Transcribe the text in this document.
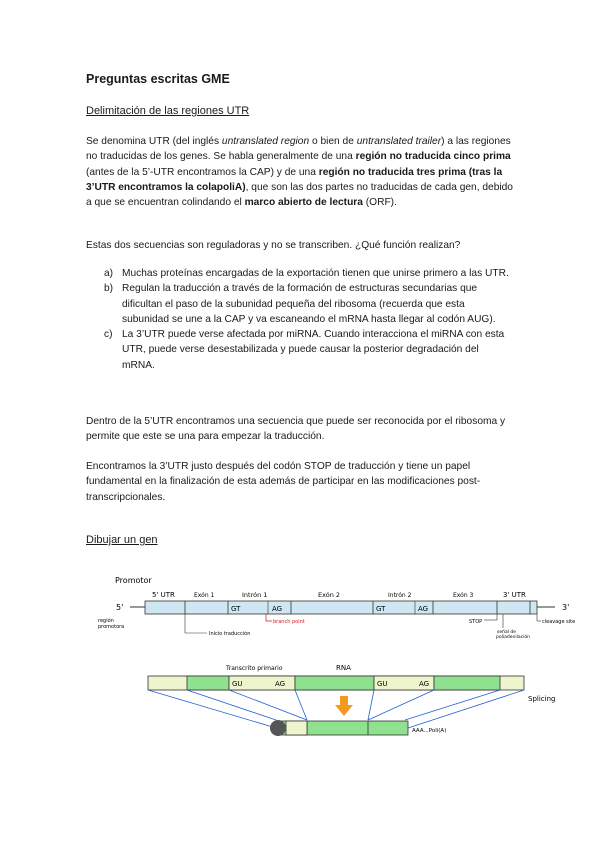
Preguntas escritas GME
Delimitación de las regiones UTR
Se denomina UTR (del inglés untranslated region o bien de untranslated trailer) a las regiones no traducidas de los genes. Se habla generalmente de una región no traducida cinco prima (antes de la 5’-UTR encontramos la CAP) y de una región no traducida tres prima (tras la 3’UTR encontramos la colapoliA), que son las dos partes no traducidas de cada gen, debido a que se encuentran colindando el marco abierto de lectura (ORF).
Estas dos secuencias son reguladoras y no se transcriben. ¿Qué función realizan?
a) Muchas proteínas encargadas de la exportación tienen que unirse primero a las UTR.
b) Regulan la traducción a través de la formación de estructuras secundarias que dificultan el paso de la subunidad pequeña del ribosoma (recuerda que esta subunidad se une a la CAP y va escaneando el mRNA hasta llegar al codón AUG).
c) La 3’UTR puede verse afectada por miRNA. Cuando interacciona el miRNA con esta UTR, puede verse desestabilizada y puede causar la posterior degradación del mRNA.
Dentro de la 5’UTR encontramos una secuencia que puede ser reconocida por el ribosoma y permite que este se una para empezar la traducción.
Encontramos la 3’UTR justo después del codón STOP de traducción y tiene un papel fundamental en la finalización de esta además de participar en las modificaciones post-transcripcionales.
Dibujar un gen
Promotor
5'	3'
5' UTR	Exón 1	Intrón 1	Exón 2	Intrón 2	Exón 3	3' UTR
GT	AG	GT	AG
región promotora
Inicio traducción
branch point	STOP
señal de poliadenilación
cleavage site
Transcrito primario	RNA
GU	AG	GU	AG
Splicing
AAA...Poli(A)
